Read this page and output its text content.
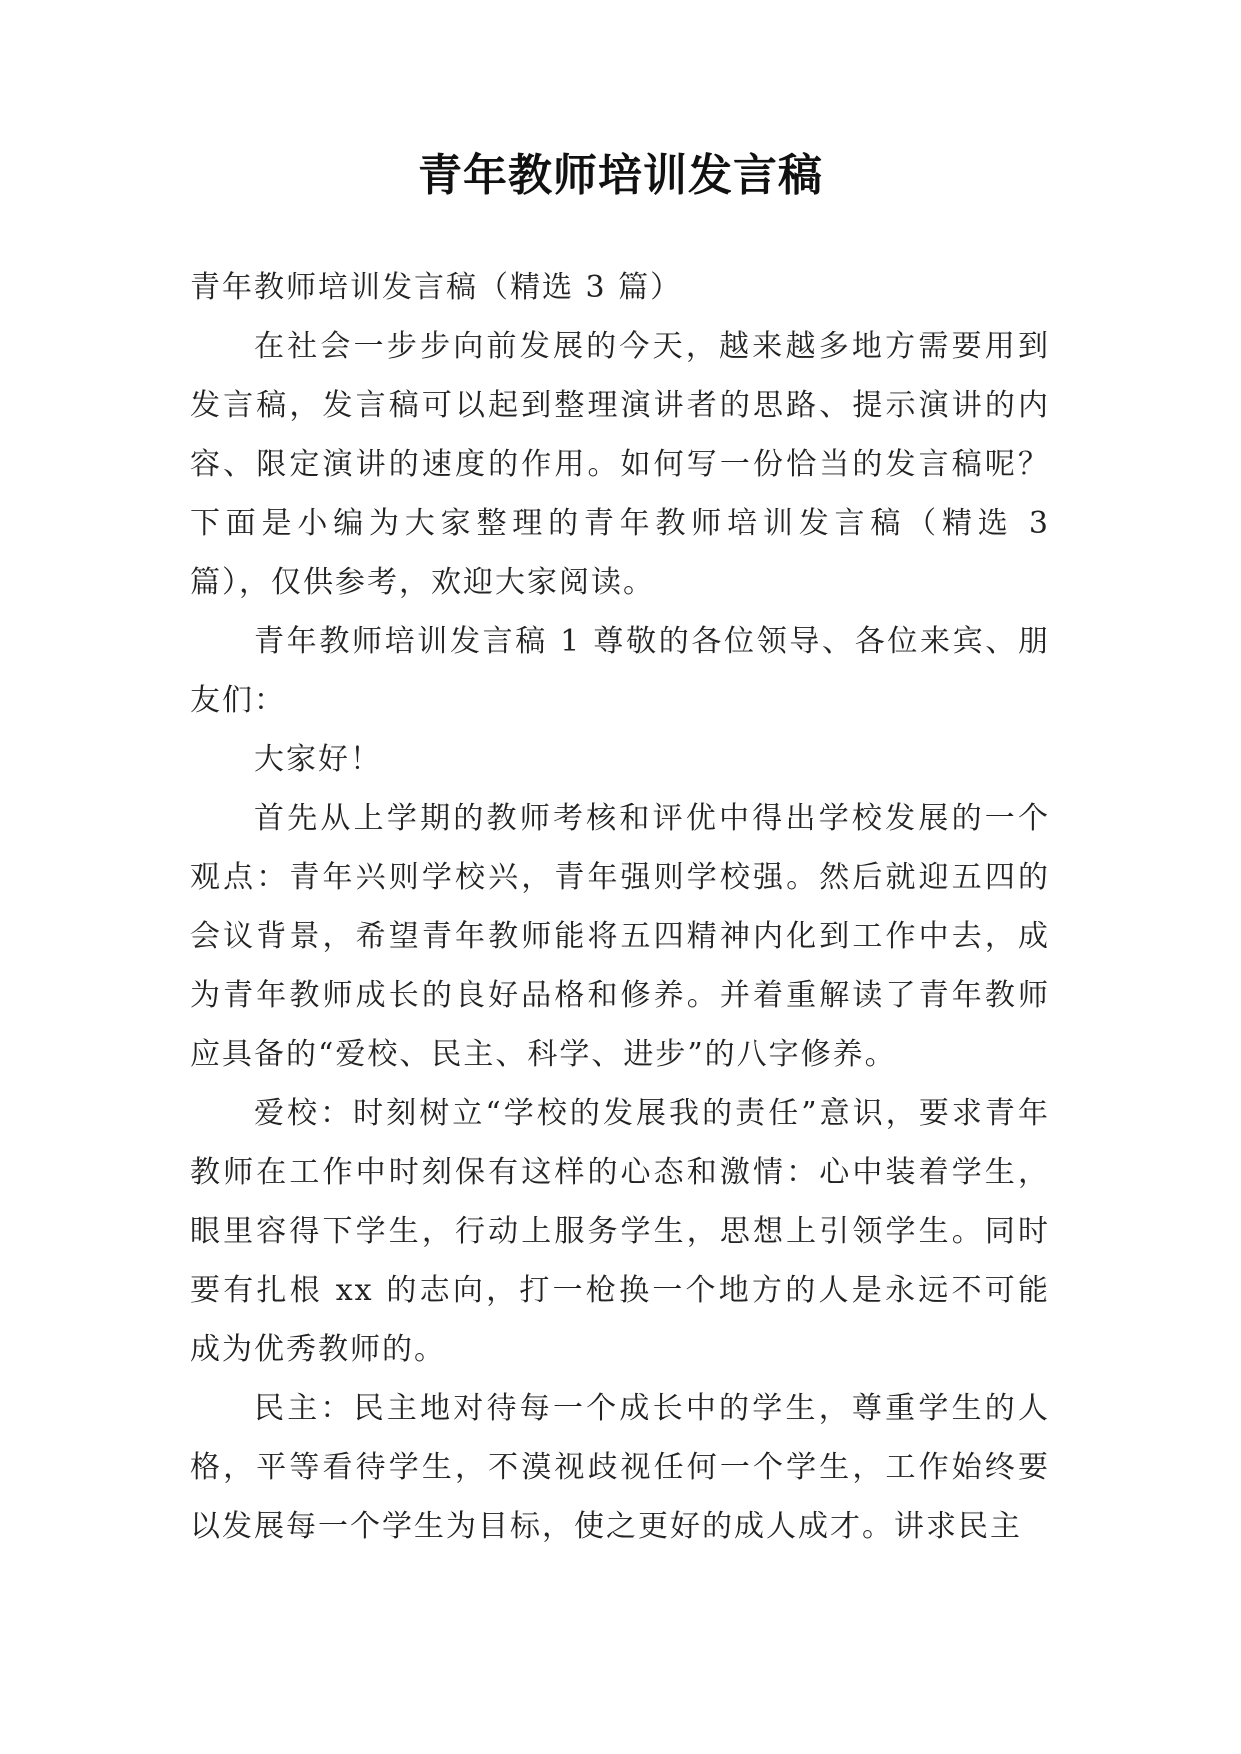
青年教师培训发言稿

青年教师培训发言稿（精选 3 篇）

在社会一步步向前发展的今天，越来越多地方需要用到发言稿，发言稿可以起到整理演讲者的思路、提示演讲的内容、限定演讲的速度的作用。如何写一份恰当的发言稿呢？下面是小编为大家整理的青年教师培训发言稿（精选 3 篇），仅供参考，欢迎大家阅读。

青年教师培训发言稿 1 尊敬的各位领导、各位来宾、朋友们：

大家好！

首先从上学期的教师考核和评优中得出学校发展的一个观点：青年兴则学校兴，青年强则学校强。然后就迎五四的会议背景，希望青年教师能将五四精神内化到工作中去，成为青年教师成长的良好品格和修养。并着重解读了青年教师应具备的“爱校、民主、科学、进步”的八字修养。

爱校：时刻树立“学校的发展我的责任”意识，要求青年教师在工作中时刻保有这样的心态和激情：心中装着学生，眼里容得下学生，行动上服务学生，思想上引领学生。同时要有扎根 xx 的志向，打一枪换一个地方的人是永远不可能成为优秀教师的。

民主：民主地对待每一个成长中的学生，尊重学生的人格，平等看待学生，不漠视歧视任何一个学生，工作始终要以发展每一个学生为目标，使之更好的成人成才。讲求民主
